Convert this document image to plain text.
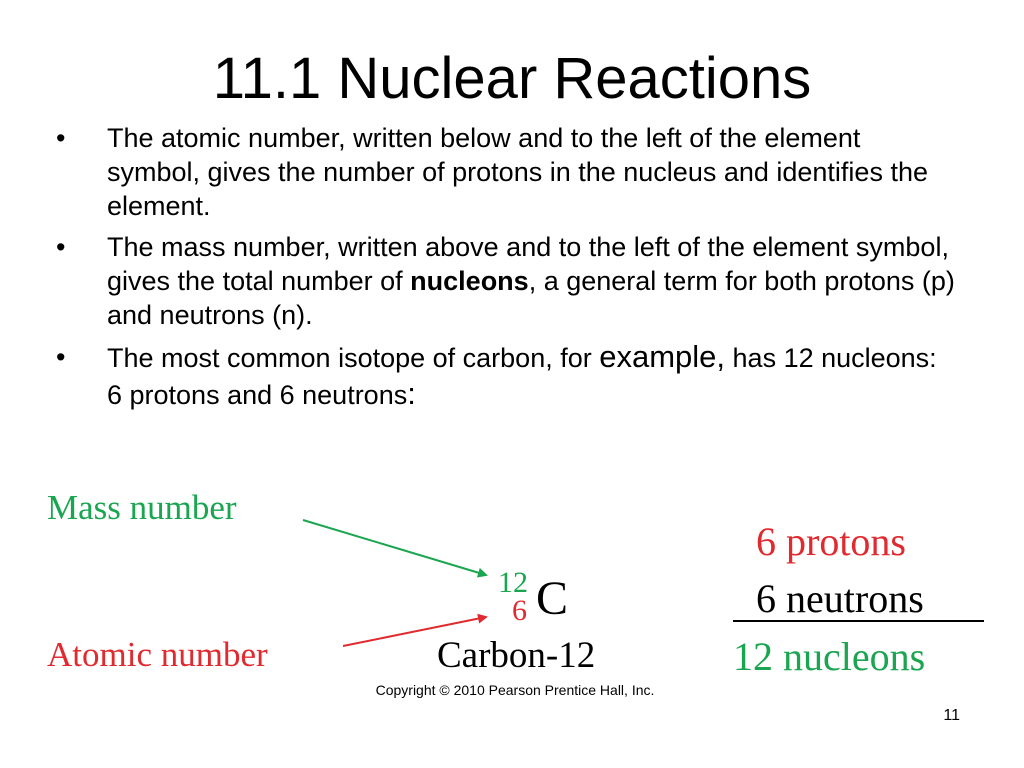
11.1 Nuclear Reactions
• The atomic number, written below and to the left of the element symbol, gives the number of protons in the nucleus and identifies the element.
• The mass number, written above and to the left of the element symbol, gives the total number of nucleons, a general term for both protons (p) and neutrons (n).
• The most common isotope of carbon, for example, has 12 nucleons: 6 protons and 6 neutrons:
Mass number
Atomic number
12
6 C
Carbon-12
6 protons
6 neutrons
12 nucleons
Copyright © 2010 Pearson Prentice Hall, Inc.
11
